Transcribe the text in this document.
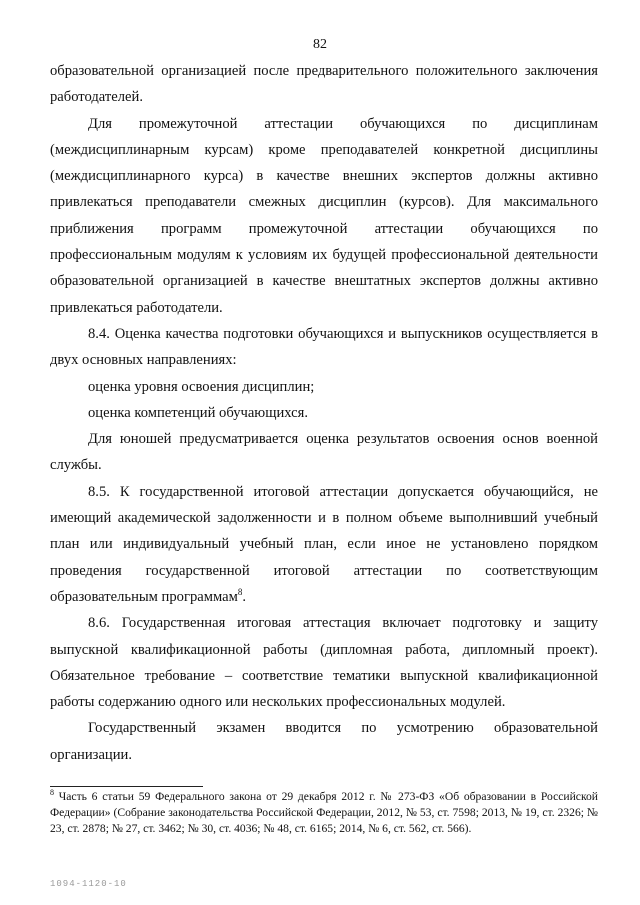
82

образовательной организацией после предварительного положительного заключения работодателей.

Для промежуточной аттестации обучающихся по дисциплинам (междисциплинарным курсам) кроме преподавателей конкретной дисциплины (междисциплинарного курса) в качестве внешних экспертов должны активно привлекаться преподаватели смежных дисциплин (курсов). Для максимального приближения программ промежуточной аттестации обучающихся по профессиональным модулям к условиям их будущей профессиональной деятельности образовательной организацией в качестве внештатных экспертов должны активно привлекаться работодатели.

8.4. Оценка качества подготовки обучающихся и выпускников осуществляется в двух основных направлениях:

оценка уровня освоения дисциплин;

оценка компетенций обучающихся.

Для юношей предусматривается оценка результатов освоения основ военной службы.

8.5. К государственной итоговой аттестации допускается обучающийся, не имеющий академической задолженности и в полном объеме выполнивший учебный план или индивидуальный учебный план, если иное не установлено порядком проведения государственной итоговой аттестации по соответствующим образовательным программам$^8$.

8.6. Государственная итоговая аттестация включает подготовку и защиту выпускной квалификационной работы (дипломная работа, дипломный проект). Обязательное требование – соответствие тематики выпускной квалификационной работы содержанию одного или нескольких профессиональных модулей.

Государственный экзамен вводится по усмотрению образовательной организации.

$^8$ Часть 6 статьи 59 Федерального закона от 29 декабря 2012 г. № 273-ФЗ «Об образовании в Российской Федерации» (Собрание законодательства Российской Федерации, 2012, № 53, ст. 7598; 2013, № 19, ст. 2326; № 23, ст. 2878; № 27, ст. 3462; № 30, ст. 4036; № 48, ст. 6165; 2014, № 6, ст. 562, ст. 566).
1094-1120-10
